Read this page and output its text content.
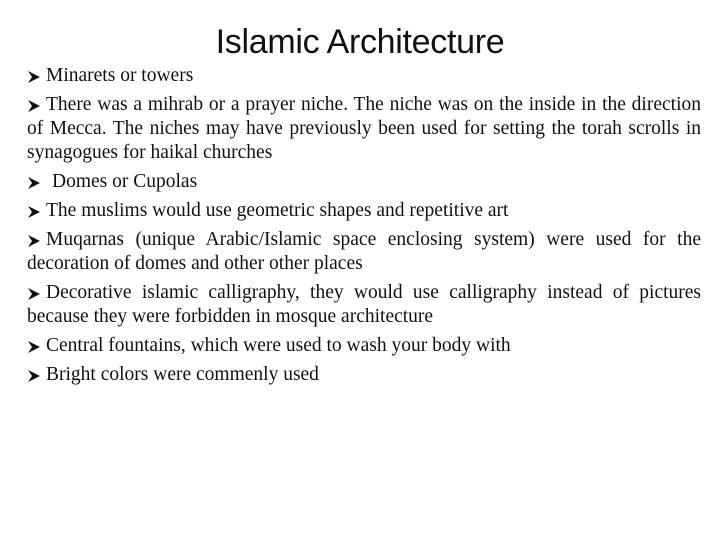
Islamic Architecture
Minarets or towers
There was a mihrab or a prayer niche. The niche was on the inside in the direction of Mecca. The niches may have previously been used for setting the torah scrolls in synagogues for haikal churches
Domes or Cupolas
The muslims would use geometric shapes and repetitive art
Muqarnas (unique Arabic/Islamic space enclosing system) were used for the decoration of domes and other other places
Decorative islamic calligraphy, they would use calligraphy instead of pictures because they were forbidden in mosque architecture
Central fountains, which were used to wash your body with
Bright colors were commenly used
